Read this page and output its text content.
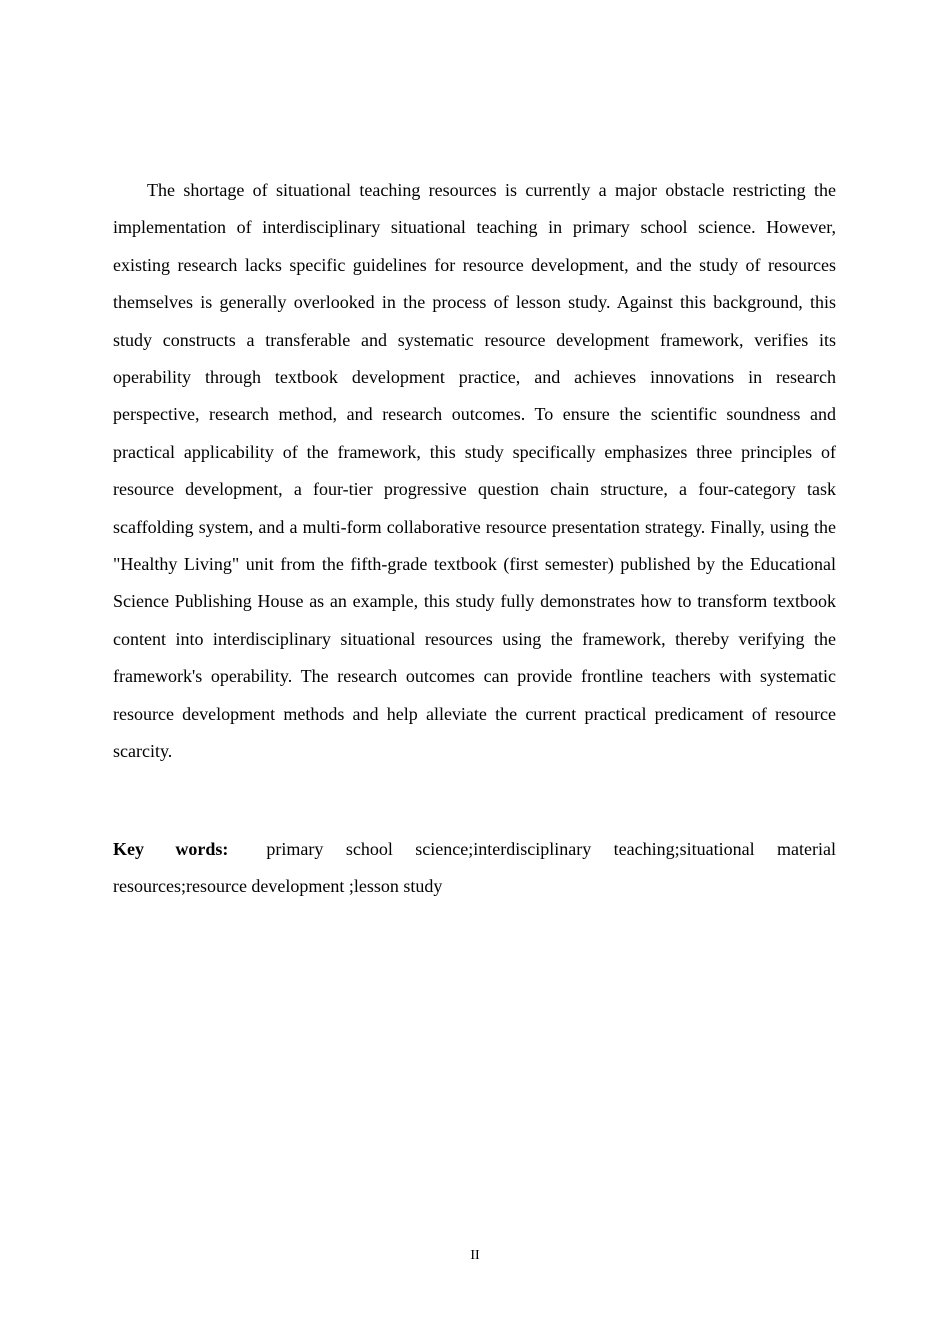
The shortage of situational teaching resources is currently a major obstacle restricting the implementation of interdisciplinary situational teaching in primary school science. However, existing research lacks specific guidelines for resource development, and the study of resources themselves is generally overlooked in the process of lesson study. Against this background, this study constructs a transferable and systematic resource development framework, verifies its operability through textbook development practice, and achieves innovations in research perspective, research method, and research outcomes. To ensure the scientific soundness and practical applicability of the framework, this study specifically emphasizes three principles of resource development, a four-tier progressive question chain structure, a four-category task scaffolding system, and a multi-form collaborative resource presentation strategy. Finally, using the "Healthy Living" unit from the fifth-grade textbook (first semester) published by the Educational Science Publishing House as an example, this study fully demonstrates how to transform textbook content into interdisciplinary situational resources using the framework, thereby verifying the framework's operability. The research outcomes can provide frontline teachers with systematic resource development methods and help alleviate the current practical predicament of resource scarcity.

Key words: primary school science;interdisciplinary teaching;situational material resources;resource development ;lesson study

II
